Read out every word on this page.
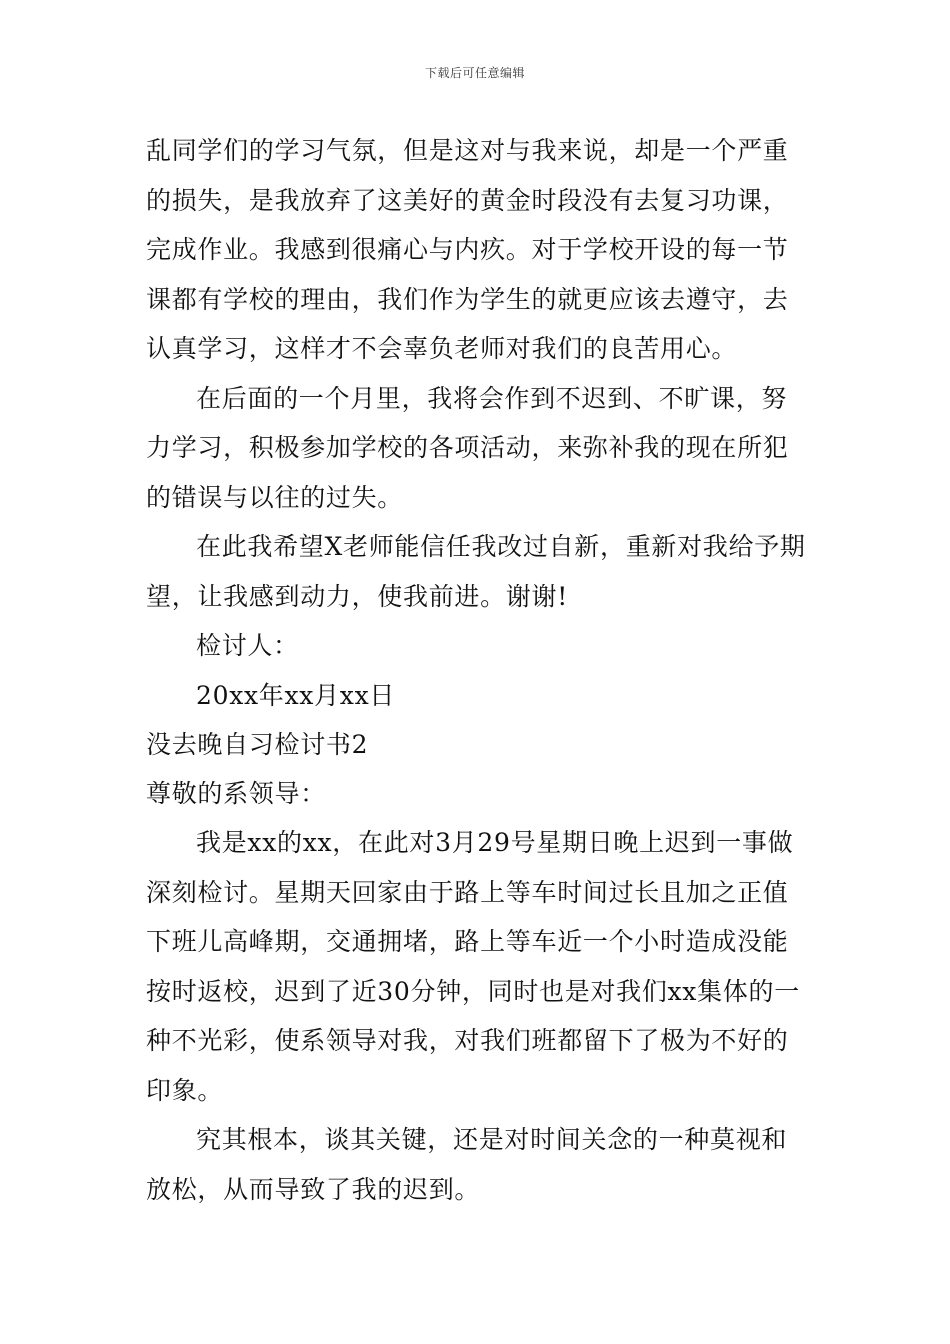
下载后可任意编辑
乱同学们的学习气氛，但是这对与我来说，却是一个严重
的损失，是我放弃了这美好的黄金时段没有去复习功课，
完成作业。我感到很痛心与内疚。对于学校开设的每一节
课都有学校的理由，我们作为学生的就更应该去遵守，去
认真学习，这样才不会辜负老师对我们的良苦用心。
在后面的一个月里，我将会作到不迟到、不旷课，努
力学习，积极参加学校的各项活动，来弥补我的现在所犯
的错误与以往的过失。
在此我希望X老师能信任我改过自新，重新对我给予期
望，让我感到动力，使我前进。谢谢!
检讨人：
20xx年xx月xx日
没去晚自习检讨书2
尊敬的系领导：
我是xx的xx，在此对3月29号星期日晚上迟到一事做
深刻检讨。星期天回家由于路上等车时间过长且加之正值
下班儿高峰期，交通拥堵，路上等车近一个小时造成没能
按时返校，迟到了近30分钟，同时也是对我们xx集体的一
种不光彩，使系领导对我，对我们班都留下了极为不好的
印象。
究其根本，谈其关键，还是对时间关念的一种莫视和
放松，从而导致了我的迟到。
